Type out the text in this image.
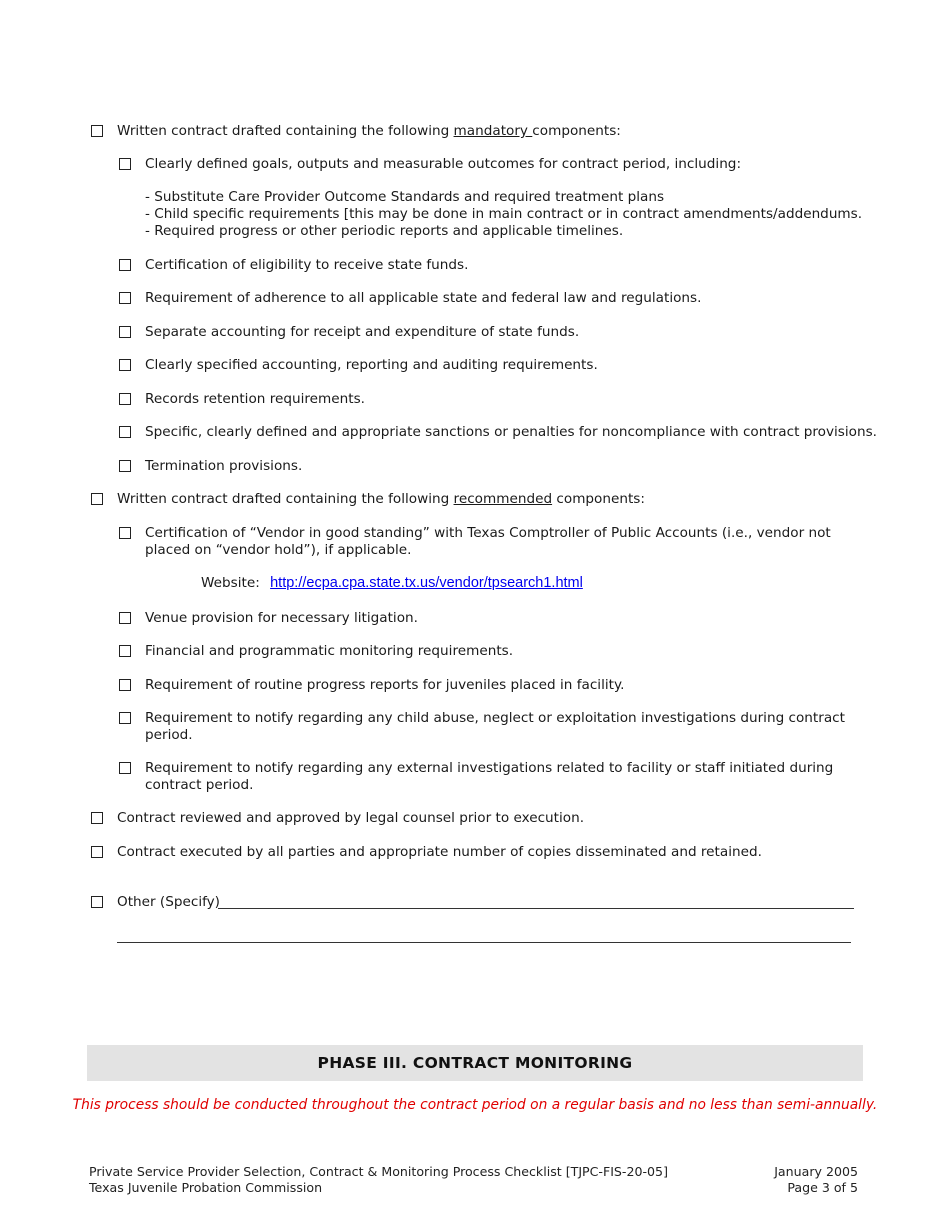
Written contract drafted containing the following mandatory components:
Clearly defined goals, outputs and measurable outcomes for contract period, including:
- Substitute Care Provider Outcome Standards and required treatment plans
- Child specific requirements [this may be done in main contract or in contract amendments/addendums.
- Required progress or other periodic reports and applicable timelines.
Certification of eligibility to receive state funds.
Requirement of adherence to all applicable state and federal law and regulations.
Separate accounting for receipt and expenditure of state funds.
Clearly specified accounting, reporting and auditing requirements.
Records retention requirements.
Specific, clearly defined and appropriate sanctions or penalties for noncompliance with contract provisions.
Termination provisions.
Written contract drafted containing the following recommended components:
Certification of “Vendor in good standing” with Texas Comptroller of Public Accounts (i.e., vendor not placed on “vendor hold”), if applicable.
Website: http://ecpa.cpa.state.tx.us/vendor/tpsearch1.html
Venue provision for necessary litigation.
Financial and programmatic monitoring requirements.
Requirement of routine progress reports for juveniles placed in facility.
Requirement to notify regarding any child abuse, neglect or exploitation investigations during contract period.
Requirement to notify regarding any external investigations related to facility or staff initiated during contract period.
Contract reviewed and approved by legal counsel prior to execution.
Contract executed by all parties and appropriate number of copies disseminated and retained.
Other (Specify)
PHASE III. CONTRACT MONITORING
This process should be conducted throughout the contract period on a regular basis and no less than semi-annually.
Private Service Provider Selection, Contract & Monitoring Process Checklist [TJPC-FIS-20-05]
Texas Juvenile Probation Commission
January 2005
Page 3 of 5
